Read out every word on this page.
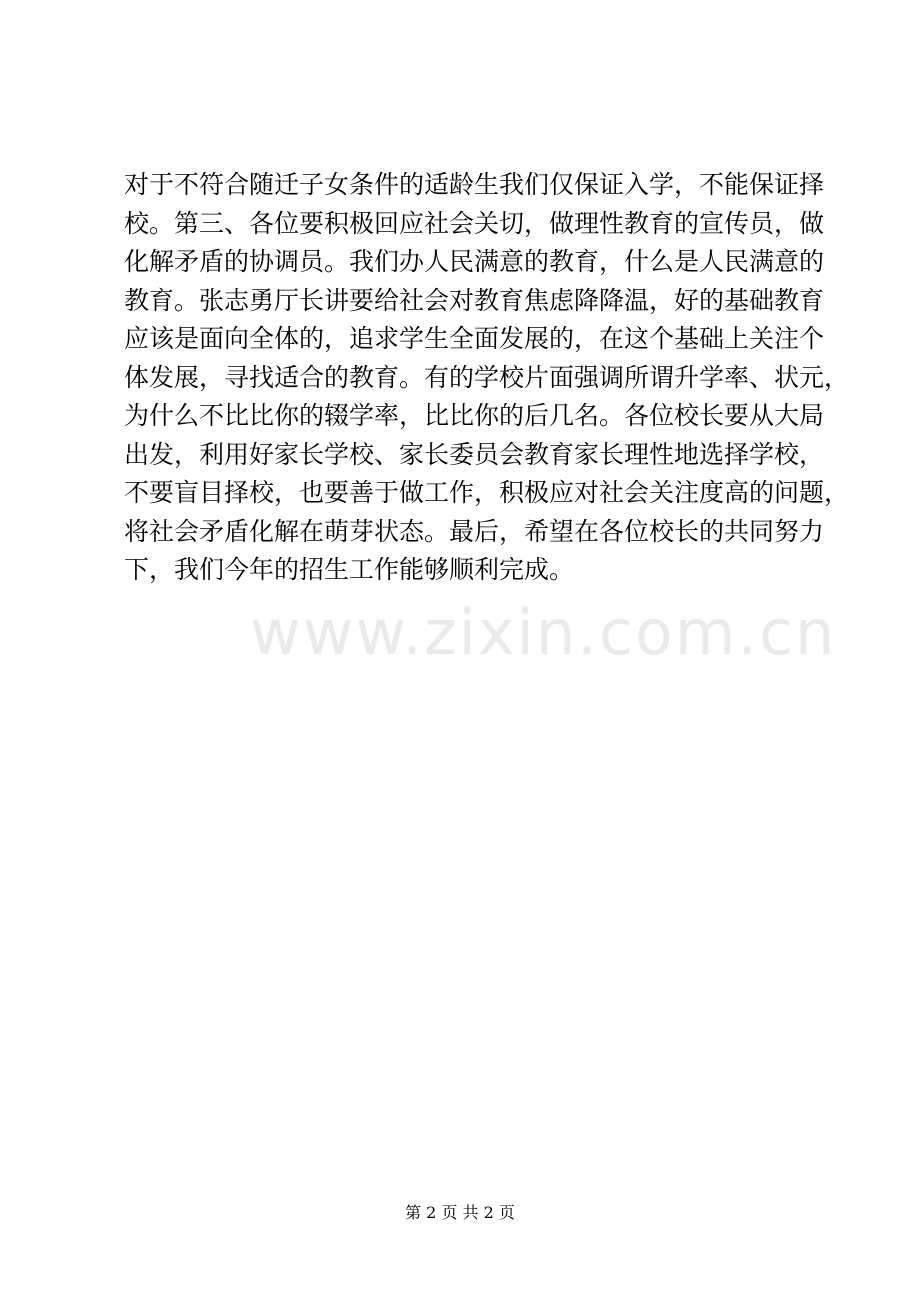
对于不符合随迁子女条件的适龄生我们仅保证入学，不能保证择
校。第三、各位要积极回应社会关切，做理性教育的宣传员，做
化解矛盾的协调员。我们办人民满意的教育，什么是人民满意的
教育。张志勇厅长讲要给社会对教育焦虑降降温，好的基础教育
应该是面向全体的，追求学生全面发展的，在这个基础上关注个
体发展，寻找适合的教育。有的学校片面强调所谓升学率、状元，
为什么不比比你的辍学率，比比你的后几名。各位校长要从大局
出发，利用好家长学校、家长委员会教育家长理性地选择学校，
不要盲目择校，也要善于做工作，积极应对社会关注度高的问题，
将社会矛盾化解在萌芽状态。最后，希望在各位校长的共同努力
下，我们今年的招生工作能够顺利完成。
www.zixin.com.cn
第 2 页 共 2 页
